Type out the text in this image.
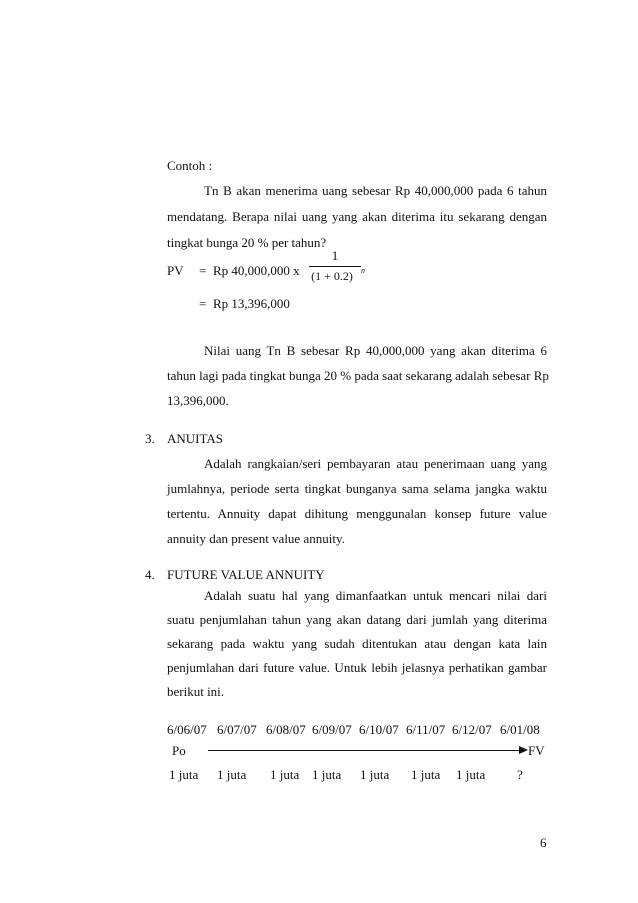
Contoh :
Tn B akan menerima uang sebesar Rp 40,000,000 pada 6 tahun
mendatang. Berapa nilai uang yang akan diterima itu sekarang dengan
tingkat bunga 20 % per tahun?
PV = Rp 40,000,000 x
1
(1 + 0.2)	n
= Rp 13,396,000
Nilai uang Tn B sebesar Rp 40,000,000 yang akan diterima 6
tahun lagi pada tingkat bunga 20 % pada saat sekarang adalah sebesar Rp
13,396,000.
3. ANUITAS
Adalah rangkaian/seri pembayaran atau penerimaan uang yang
jumlahnya, periode serta tingkat bunganya sama selama jangka waktu
tertentu. Annuity dapat dihitung menggunalan konsep future value
annuity dan present value annuity.
4. FUTURE VALUE ANNUITY
Adalah suatu hal yang dimanfaatkan untuk mencari nilai dari
suatu penjumlahan tahun yang akan datang dari jumlah yang diterima
sekarang pada waktu yang sudah ditentukan atau dengan kata lain
penjumlahan dari future value. Untuk lebih jelasnya perhatikan gambar
berikut ini.
6/06/07 6/07/07 6/08/07 6/09/07 6/10/07 6/11/07 6/12/07 6/01/08
Po	FV
1 juta 1 juta 1 juta 1 juta 1 juta 1 juta 1 juta ?
6
